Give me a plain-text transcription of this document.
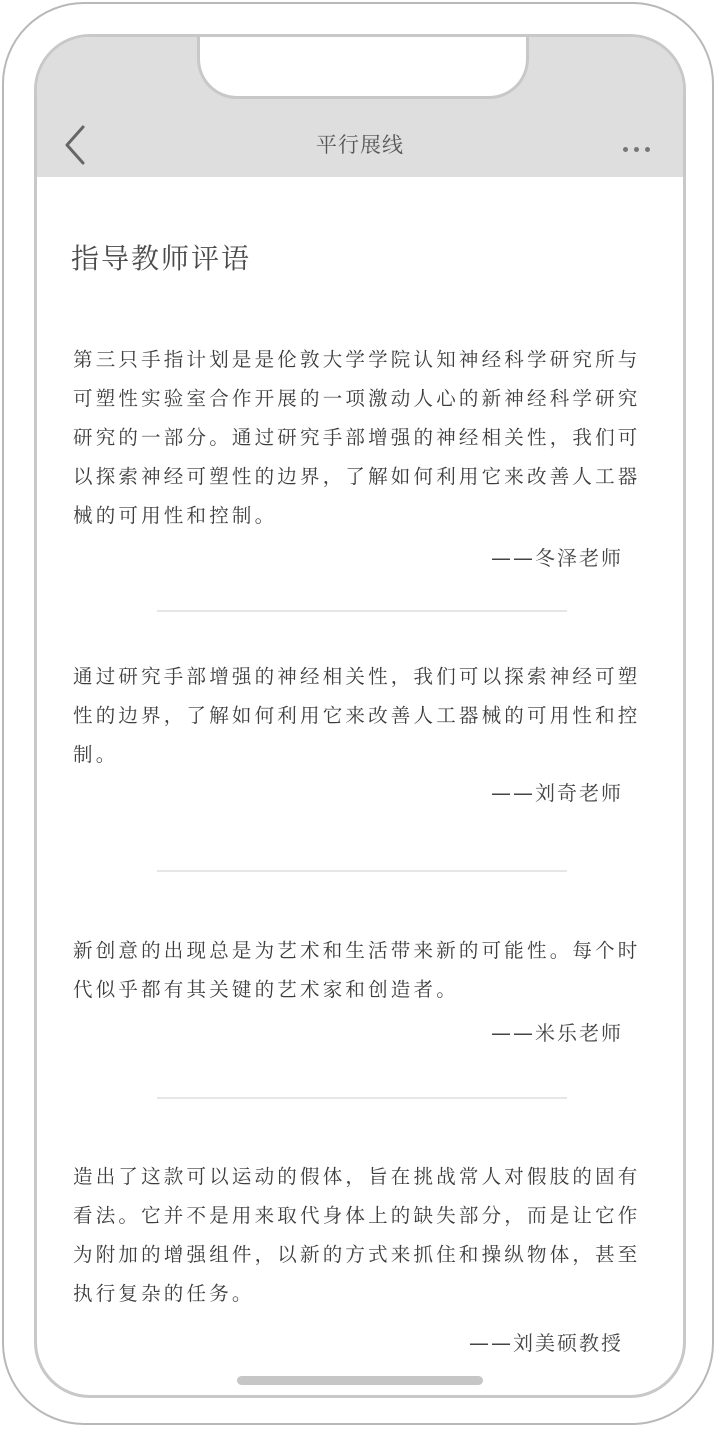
平行展线
指导教师评语
第三只手指计划是是伦敦大学学院认知神经科学研究所与可塑性实验室合作开展的一项激动人心的新神经科学研究研究的一部分。通过研究手部增强的神经相关性，我们可以探索神经可塑性的边界，了解如何利用它来改善人工器械的可用性和控制。
——冬泽老师
通过研究手部增强的神经相关性，我们可以探索神经可塑性的边界，了解如何利用它来改善人工器械的可用性和控制。
——刘奇老师
新创意的出现总是为艺术和生活带来新的可能性。每个时代似乎都有其关键的艺术家和创造者。
——米乐老师
造出了这款可以运动的假体，旨在挑战常人对假肢的固有看法。它并不是用来取代身体上的缺失部分，而是让它作为附加的增强组件，以新的方式来抓住和操纵物体，甚至执行复杂的任务。
——刘美硕教授
